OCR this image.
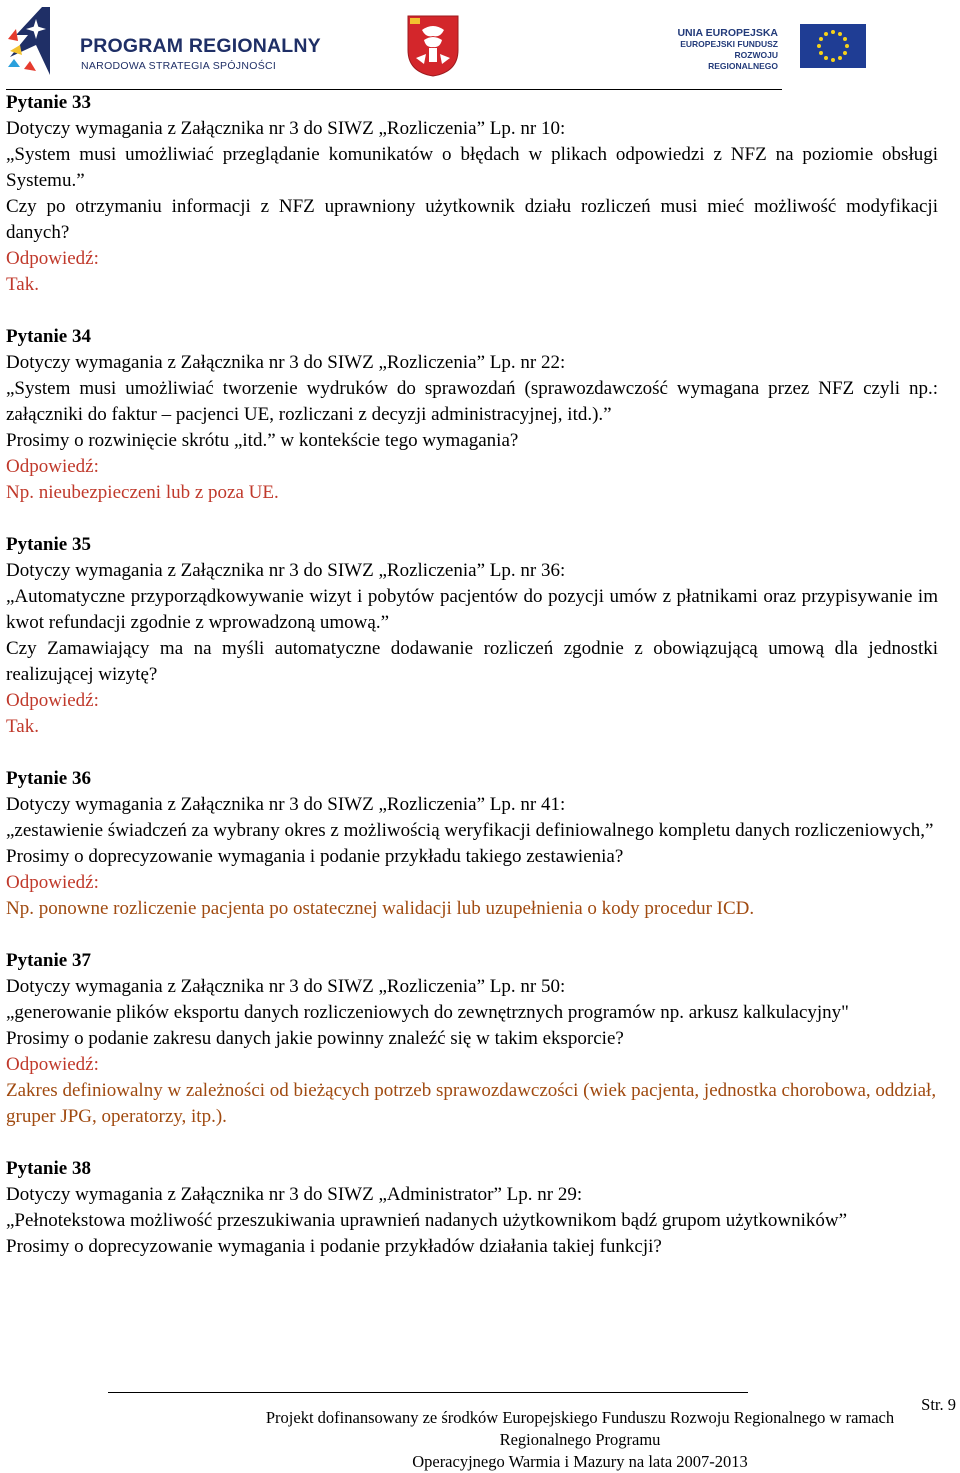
PROGRAM REGIONALNY
NARODOWA STRATEGIA SPÓJNOŚCI
UNIA EUROPEJSKA
EUROPEJSKI FUNDUSZ
ROZWOJU REGIONALNEGO
Pytanie 33
Dotyczy wymagania z Załącznika nr 3 do SIWZ „Rozliczenia” Lp. nr 10:
„System musi umożliwiać przeglądanie komunikatów o błędach w plikach odpowiedzi z NFZ na poziomie obsługi Systemu.”
Czy po otrzymaniu informacji z NFZ uprawniony użytkownik działu rozliczeń musi mieć możliwość modyfikacji danych?
Odpowiedź:
Tak.
Pytanie 34
Dotyczy wymagania z Załącznika nr 3 do SIWZ „Rozliczenia” Lp. nr 22:
„System musi umożliwiać tworzenie wydruków do sprawozdań (sprawozdawczość wymagana przez NFZ czyli np.: załączniki do faktur – pacjenci UE, rozliczani z decyzji administracyjnej, itd.).”
Prosimy o rozwinięcie skrótu „itd.” w kontekście tego wymagania?
Odpowiedź:
Np. nieubezpieczeni lub z poza UE.
Pytanie 35
Dotyczy wymagania z Załącznika nr 3 do SIWZ „Rozliczenia” Lp. nr 36:
„Automatyczne przyporządkowywanie wizyt i pobytów pacjentów do pozycji umów z płatnikami oraz przypisywanie im kwot refundacji zgodnie z wprowadzoną umową.”
Czy Zamawiający ma na myśli automatyczne dodawanie rozliczeń zgodnie z obowiązującą umową dla jednostki realizującej wizytę?
Odpowiedź:
Tak.
Pytanie 36
Dotyczy wymagania z Załącznika nr 3 do SIWZ „Rozliczenia” Lp. nr 41:
„zestawienie świadczeń za wybrany okres z możliwością weryfikacji definiowalnego kompletu danych rozliczeniowych,”
Prosimy o doprecyzowanie wymagania i podanie przykładu takiego zestawienia?
Odpowiedź:
Np. ponowne rozliczenie pacjenta po ostatecznej walidacji lub uzupełnienia o kody procedur ICD.
Pytanie 37
Dotyczy wymagania z Załącznika nr 3 do SIWZ „Rozliczenia” Lp. nr 50:
„generowanie plików eksportu danych rozliczeniowych do zewnętrznych programów np. arkusz kalkulacyjny"
Prosimy o podanie zakresu danych jakie powinny znaleźć się w takim eksporcie?
Odpowiedź:
Zakres definiowalny w zależności od bieżących potrzeb sprawozdawczości (wiek pacjenta, jednostka chorobowa, oddział, gruper JPG, operatorzy, itp.).
Pytanie 38
Dotyczy wymagania z Załącznika nr 3 do SIWZ „Administrator” Lp. nr 29:
„Pełnotekstowa możliwość przeszukiwania uprawnień nadanych użytkownikom bądź grupom użytkowników”
Prosimy o doprecyzowanie wymagania i podanie przykładów działania takiej funkcji?
Projekt dofinansowany ze środków Europejskiego Funduszu Rozwoju Regionalnego w ramach Regionalnego Programu
Operacyjnego Warmia i Mazury na lata 2007-2013
Str. 9
